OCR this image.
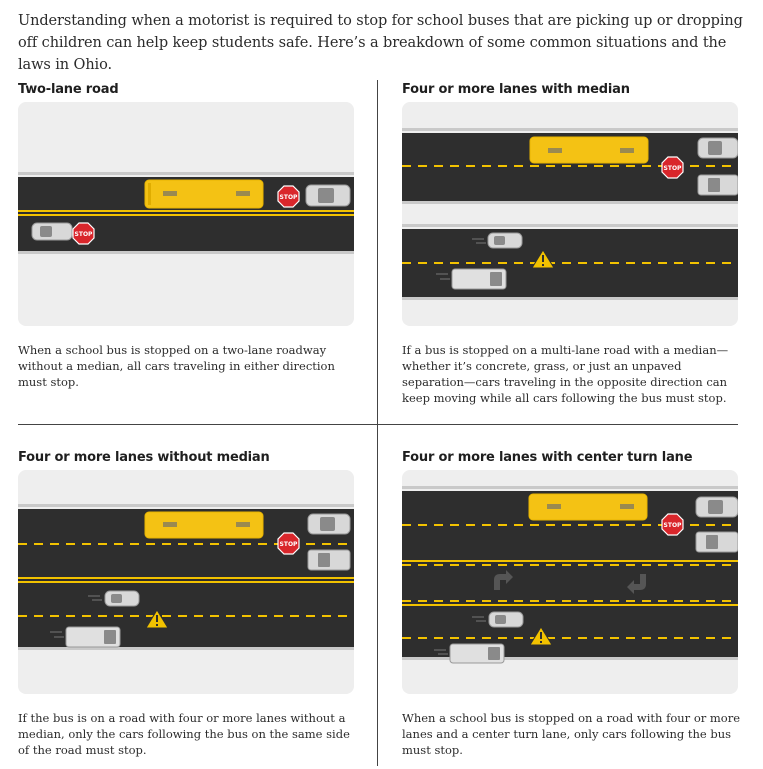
Understanding when a motorist is required to stop for school buses that are picking up or dropping off children can help keep students safe. Here’s a breakdown of some common situations and the laws in Ohio.
Two-lane road
STOP
STOP
When a school bus is stopped on a two-lane roadway without a median, all cars traveling in either direction must stop.
Four or more lanes with median
STOP
If a bus is stopped on a multi-lane road with a median—whether it’s concrete, grass, or just an unpaved separation—cars traveling in the opposite direction can keep moving while all cars following the bus must stop.
Four or more lanes without median
STOP
If the bus is on a road with four or more lanes without a median, only the cars following the bus on the same side of the road must stop.
Four or more lanes with center turn lane
STOP
When a school bus is stopped on a road with four or more lanes and a center turn lane, only cars following the bus must stop.
